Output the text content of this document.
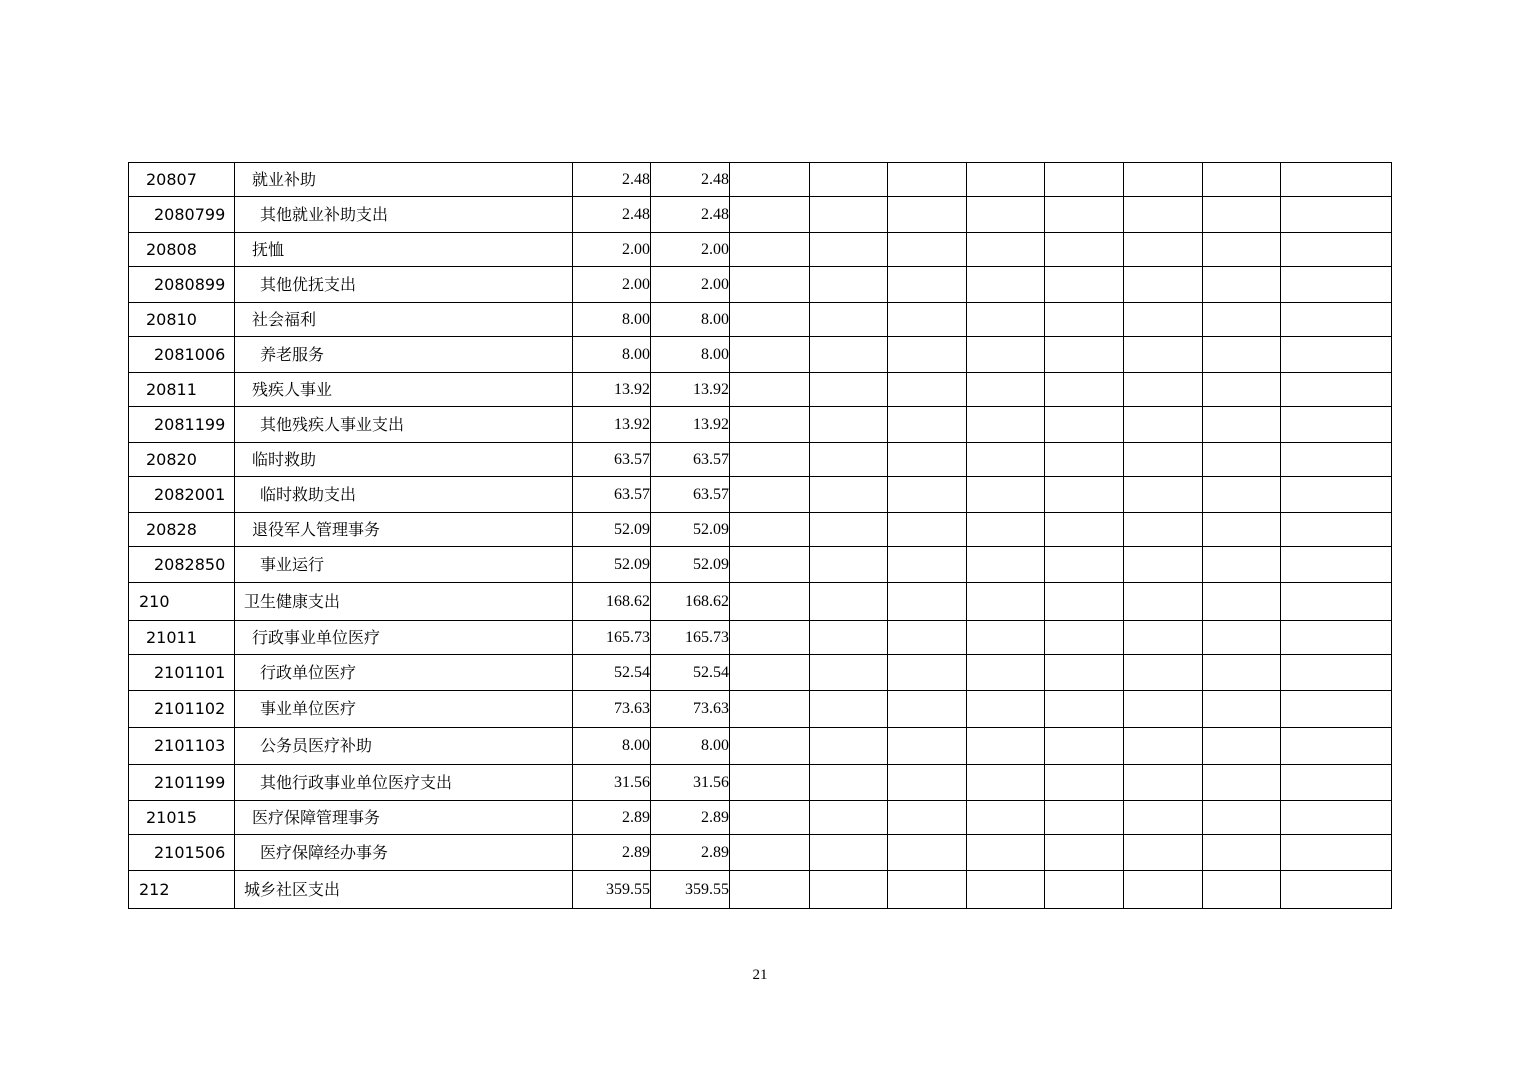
20807	就业补助	2.48	2.48								
2080799	其他就业补助支出	2.48	2.48								
20808	抚恤	2.00	2.00								
2080899	其他优抚支出	2.00	2.00								
20810	社会福利	8.00	8.00								
2081006	养老服务	8.00	8.00								
20811	残疾人事业	13.92	13.92								
2081199	其他残疾人事业支出	13.92	13.92								
20820	临时救助	63.57	63.57								
2082001	临时救助支出	63.57	63.57								
20828	退役军人管理事务	52.09	52.09								
2082850	事业运行	52.09	52.09								
210	卫生健康支出	168.62	168.62								
21011	行政事业单位医疗	165.73	165.73								
2101101	行政单位医疗	52.54	52.54								
2101102	事业单位医疗	73.63	73.63								
2101103	公务员医疗补助	8.00	8.00								
2101199	其他行政事业单位医疗支出	31.56	31.56								
21015	医疗保障管理事务	2.89	2.89								
2101506	医疗保障经办事务	2.89	2.89								
212	城乡社区支出	359.55	359.55								
21
